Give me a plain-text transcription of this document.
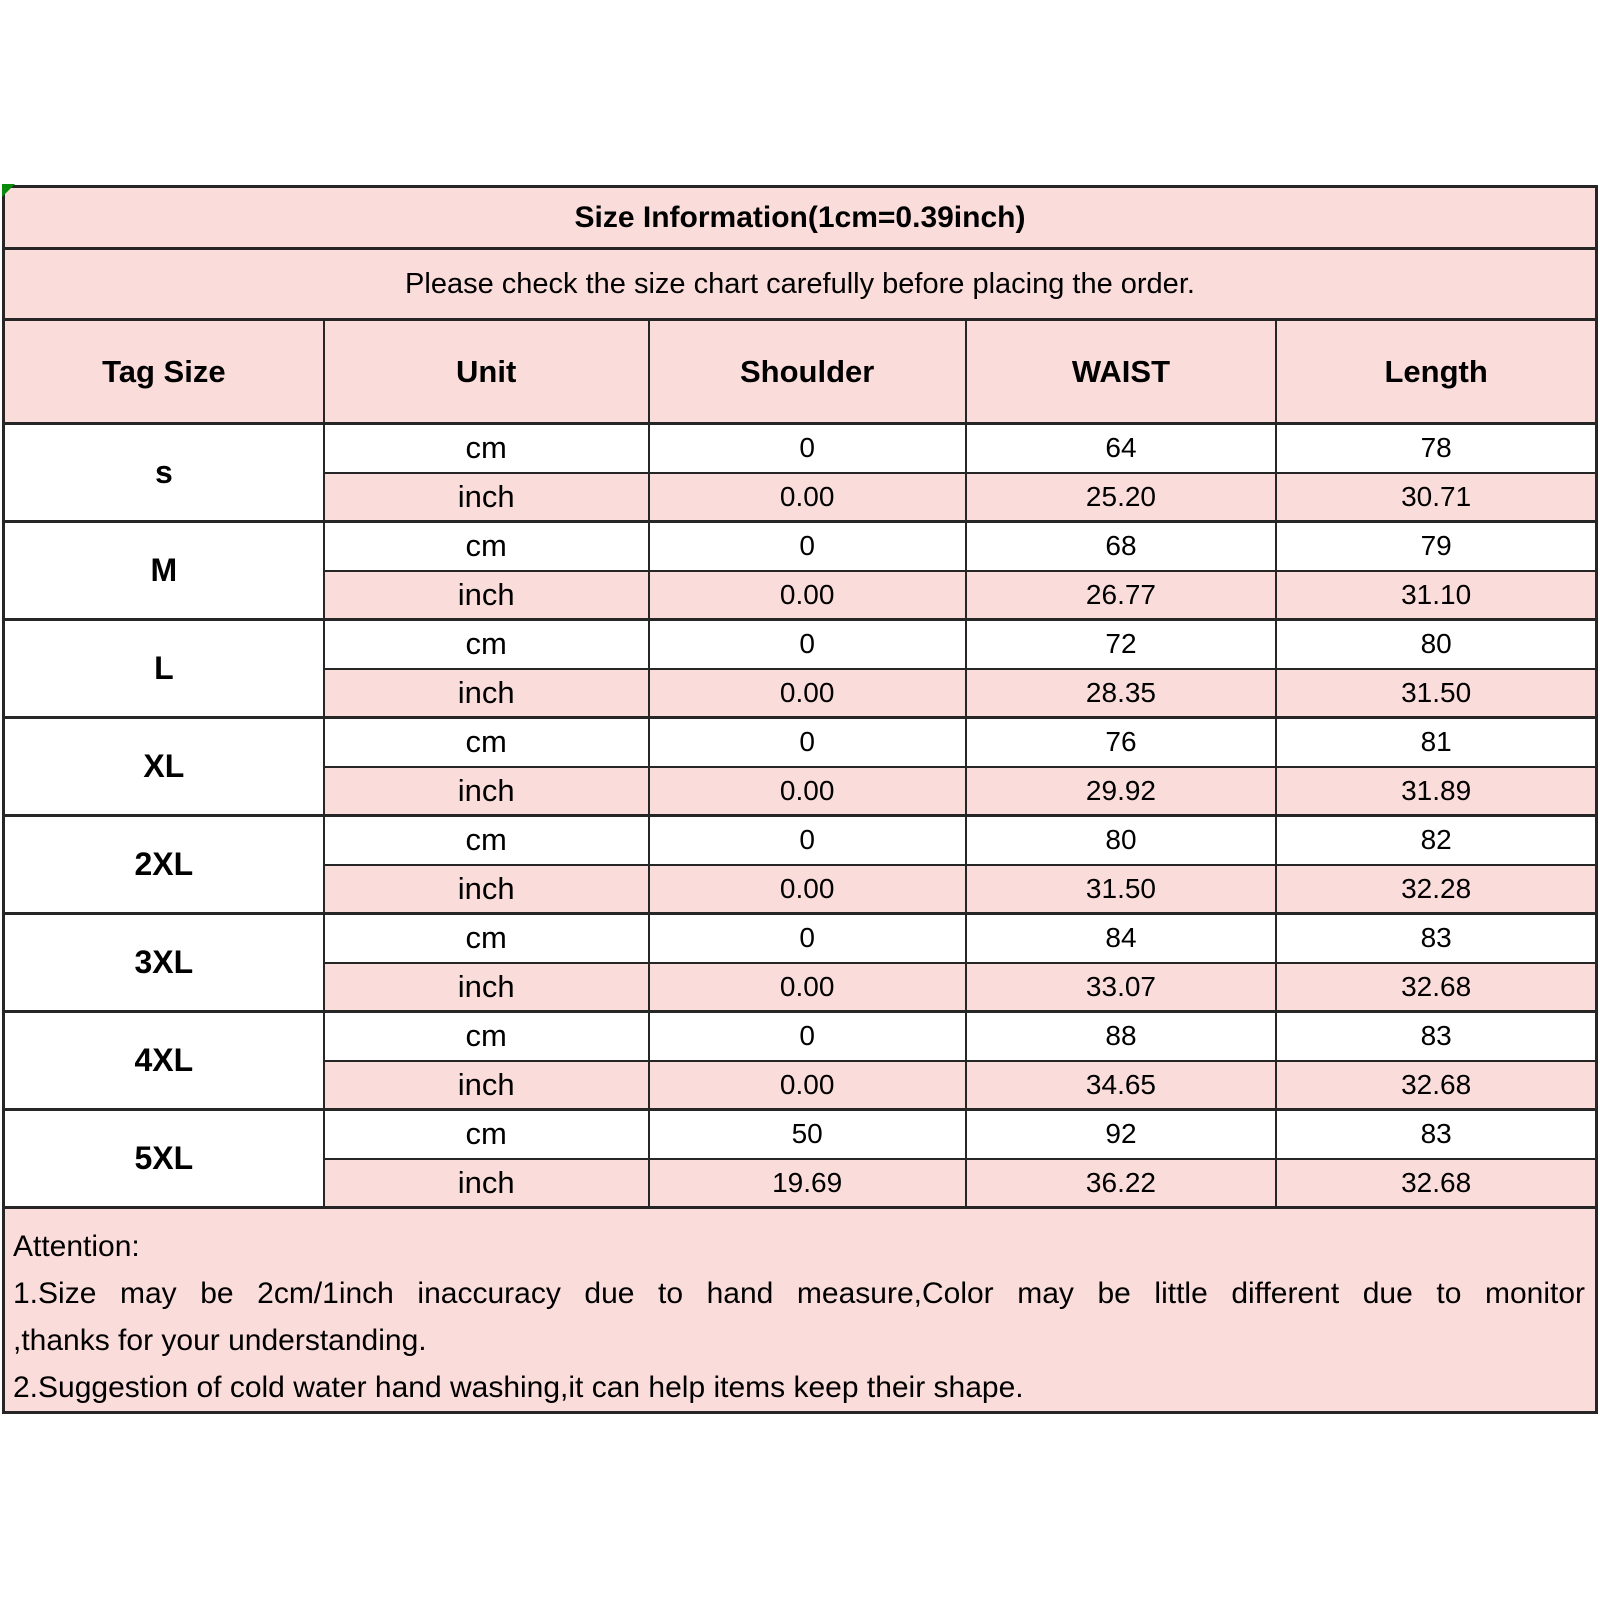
Size Information(1cm=0.39inch)				
Please check the size chart carefully before placing the order.				
Tag Size	Unit	Shoulder	WAIST	Length
s	cm	0	64	78
	inch	0.00	25.20	30.71
M	cm	0	68	79
	inch	0.00	26.77	31.10
L	cm	0	72	80
	inch	0.00	28.35	31.50
XL	cm	0	76	81
	inch	0.00	29.92	31.89
2XL	cm	0	80	82
	inch	0.00	31.50	32.28
3XL	cm	0	84	83
	inch	0.00	33.07	32.68
4XL	cm	0	88	83
	inch	0.00	34.65	32.68
5XL	cm	50	92	83
	inch	19.69	36.22	32.68

Attention:
1.Size may be 2cm/1inch inaccuracy due to hand measure,Color may be little different due to monitor
,thanks for your understanding.
2.Suggestion of cold water hand washing,it can help items keep their shape.				
